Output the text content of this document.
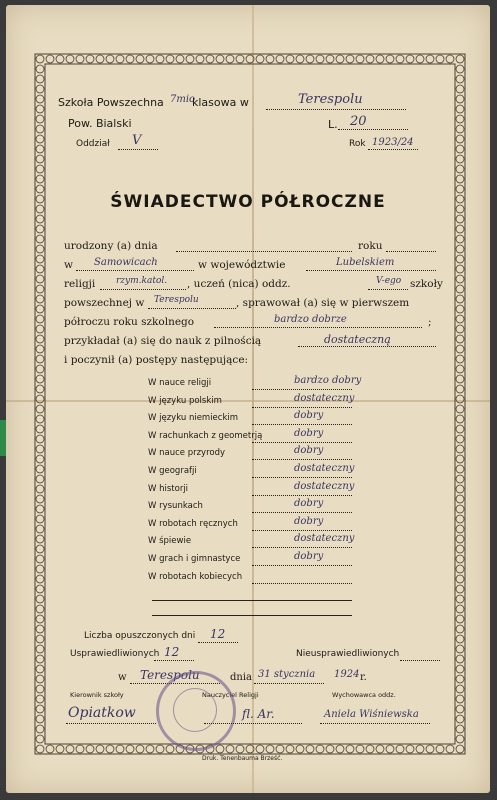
Szkoła Powszechna 7mio
klasowa w	Terespolu
Pow. Bialski	L. 20
Oddział V	Rok 1923/24
ŚWIADECTWO PÓŁROCZNE
urodzony (a) dnia	roku
w Samowicach	w województwie	Lubelskiem
religji rzym.katol. , uczeń (nica) oddz.	V-ego szkoły
powszechnej w Terespolu	, sprawował (a) się w pierwszem
półroczu roku szkolnego	bardzo dobrze	;
przykładał (a) się do nauk z pilnością	dostateczną
i poczynił (a) postępy następujące:
W nauce religji	bardzo dobry
W języku polskim	dostateczny
W języku niemieckim	dobry
W rachunkach z geometrją	dobry
W nauce przyrody	dobry
W geografji	dostateczny
W historji	dostateczny
W rysunkach	dobry
W robotach ręcznych	dobry
W śpiewie	dostateczny
W grach i gimnastyce	dobry
W robotach kobiecych
Liczba opuszczonych dni 12
Usprawiedliwionych 12	Nieusprawiedliwionych
w Terespolu	dnia 31 stycznia 1924 r.
Kierownik szkoły	Nauczyciel Religji	Wychowawca oddz.
Opiatkow	fl. Ar.	Aniela Wiśniewska
Druk. Tenenbauma Brześć.
